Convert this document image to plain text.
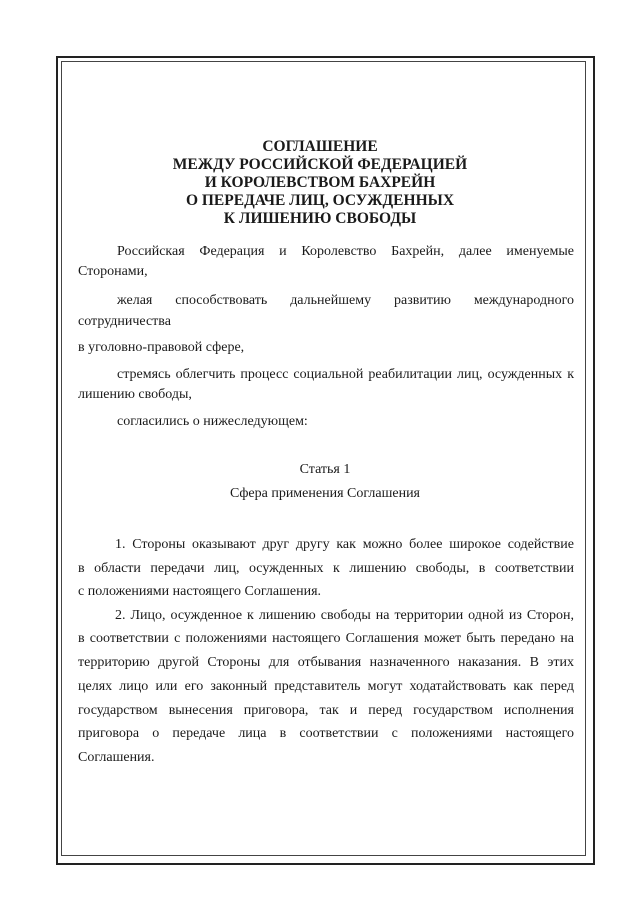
СОГЛАШЕНИЕ
МЕЖДУ РОССИЙСКОЙ ФЕДЕРАЦИЕЙ
И КОРОЛЕВСТВОМ БАХРЕЙН
О ПЕРЕДАЧЕ ЛИЦ, ОСУЖДЕННЫХ
К ЛИШЕНИЮ СВОБОДЫ
Российская Федерация и Королевство Бахрейн, далее именуемые
Сторонами,
желая способствовать дальнейшему развитию международного
сотрудничества
в уголовно-правовой сфере,
стремясь облегчить процесс социальной реабилитации лиц, осужденных к
лишению свободы,
согласились о нижеследующем:
Статья 1
Сфера применения Соглашения
1. Стороны оказывают друг другу как можно более широкое содействие
в области передачи лиц, осужденных к лишению свободы, в соответствии
с положениями настоящего Соглашения.
2. Лицо, осужденное к лишению свободы на территории одной из Сторон,
в соответствии с положениями настоящего Соглашения может быть передано на
территорию другой Стороны для отбывания назначенного наказания. В этих
целях лицо или его законный представитель могут ходатайствовать как перед
государством вынесения приговора, так и перед государством исполнения
приговора о передаче лица в соответствии с положениями настоящего
Соглашения.
